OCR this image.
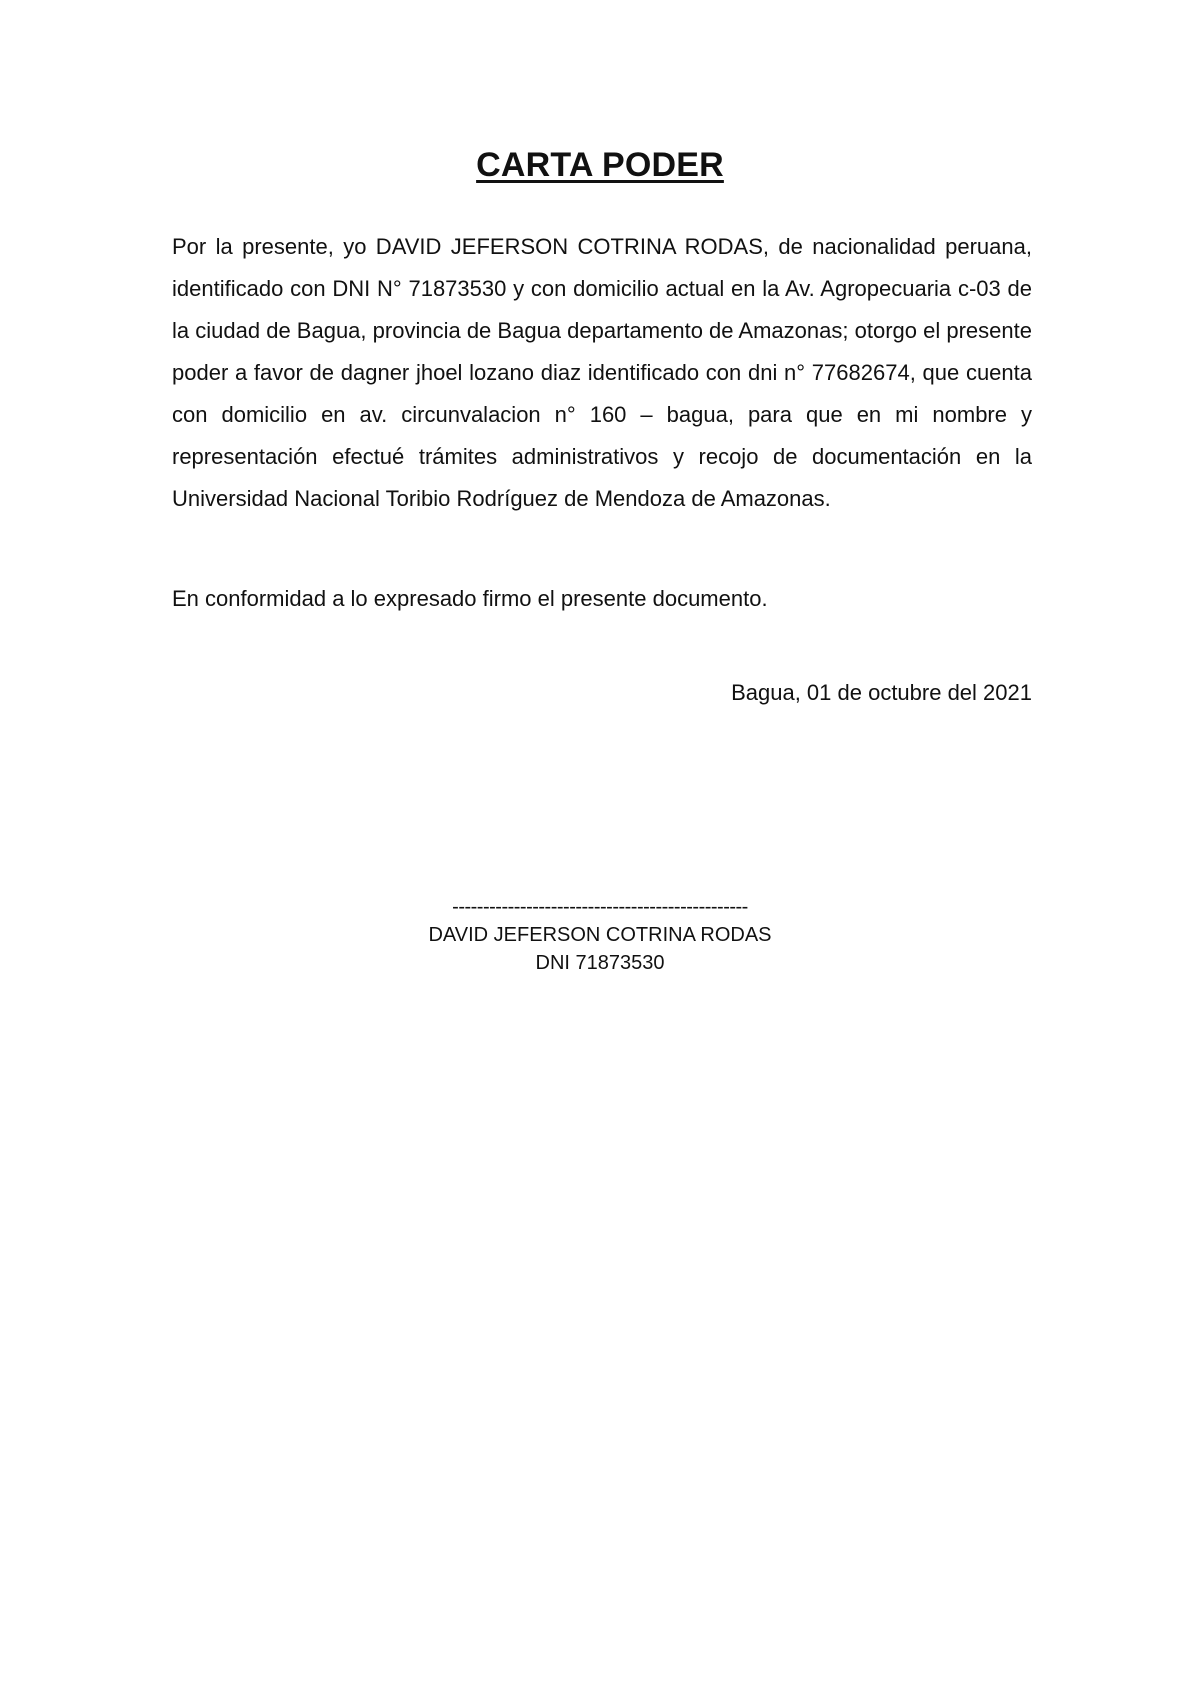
CARTA PODER

Por la presente, yo DAVID JEFERSON COTRINA RODAS, de nacionalidad peruana, identificado con DNI N° 71873530 y con domicilio actual en la Av. Agropecuaria c-03 de la ciudad de Bagua, provincia de Bagua departamento de Amazonas; otorgo el presente poder a favor de dagner jhoel lozano diaz identificado con dni n° 77682674, que cuenta con domicilio en av. circunvalacion n° 160 – bagua, para que en mi nombre y representación efectué trámites administrativos y recojo de documentación en la Universidad Nacional Toribio Rodríguez de Mendoza de Amazonas.

En conformidad a lo expresado firmo el presente documento.

Bagua, 01 de octubre del 2021
------------------------------------------------
DAVID JEFERSON COTRINA RODAS
DNI 71873530
